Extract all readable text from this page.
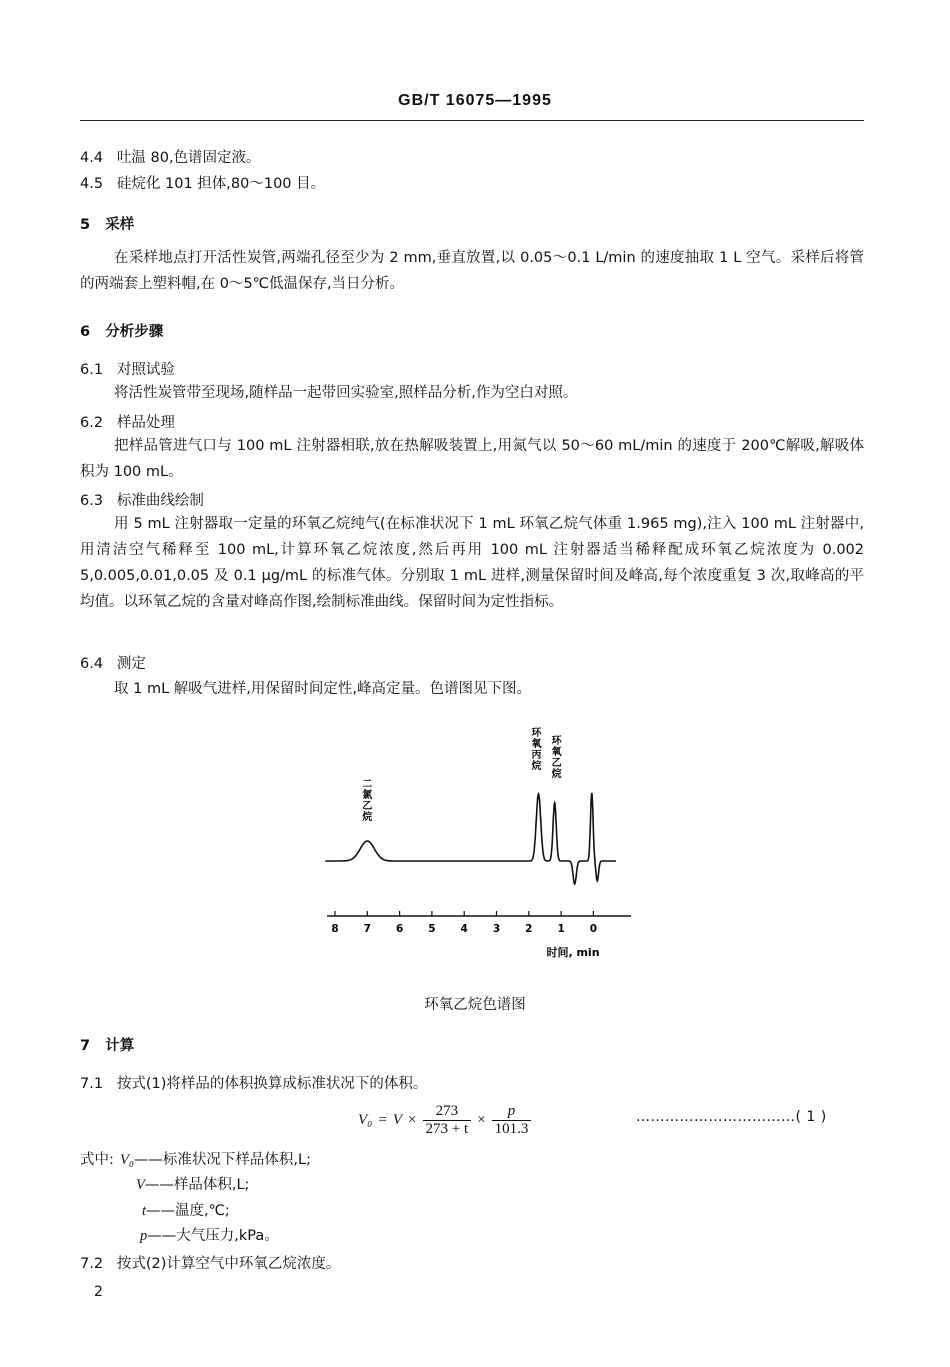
GB/T 16075—1995
4.4 吐温 80,色谱固定液。
4.5 硅烷化 101 担体,80～100 目。
5 采样
在采样地点打开活性炭管,两端孔径至少为 2 mm,垂直放置,以 0.05～0.1 L/min 的速度抽取 1 L 空气。采样后将管的两端套上塑料帽,在 0～5℃低温保存,当日分析。
6 分析步骤
6.1 对照试验
将活性炭管带至现场,随样品一起带回实验室,照样品分析,作为空白对照。
6.2 样品处理
把样品管进气口与 100 mL 注射器相联,放在热解吸装置上,用氮气以 50～60 mL/min 的速度于 200℃解吸,解吸体积为 100 mL。
6.3 标准曲线绘制
用 5 mL 注射器取一定量的环氧乙烷纯气(在标准状况下 1 mL 环氧乙烷气体重 1.965 mg),注入 100 mL 注射器中,用清洁空气稀释至 100 mL,计算环氧乙烷浓度,然后再用 100 mL 注射器适当稀释配成环氧乙烷浓度为 0.002 5,0.005,0.01,0.05 及 0.1 μg/mL 的标准气体。分别取 1 mL 进样,测量保留时间及峰高,每个浓度重复 3 次,取峰高的平均值。以环氧乙烷的含量对峰高作图,绘制标准曲线。保留时间为定性指标。
6.4 测定
取 1 mL 解吸气进样,用保留时间定性,峰高定量。色谱图见下图。
8 7 6 5 4 3 2 1 0
二氯乙烷
环氧丙烷
环氧乙烷
时间, min
环氧乙烷色谱图
7 计算
7.1 按式(1)将样品的体积换算成标准状况下的体积。
$V_0 = V \times \frac{273}{273 + t} \times \frac{p}{101.3}$	……………………………( 1 )
式中: V₀——标准状况下样品体积,L;
V——样品体积,L;
t——温度,℃;
p——大气压力,kPa。
7.2 按式(2)计算空气中环氧乙烷浓度。
2
